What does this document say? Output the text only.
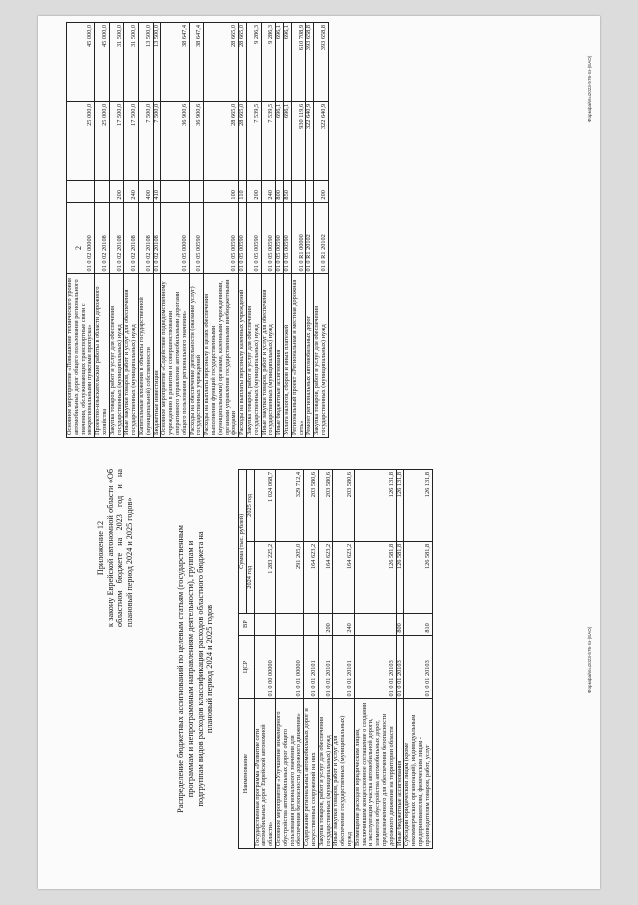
Приложение 12 к закону Еврейской автономной области «Об областном бюджете на 2023 год и на плановый период 2024 и 2025 годов»	Распределение бюджетных ассигнований по целевым статьям (государственным программам и непрограммным направлениям деятельности), группам и подгруппам видов расходов классификации расходов областного бюджета на плановый период 2024 и 2025 годов
Наименование	ЦСР	ВР	Сумма (тыс. рублей)	
			2024 год	2025 год
Государственная программа «Развитие сети автомобильных дорог Еврейской автономной области»	01 0 00 00000		1 283 225,2	1 024 068,7
Основное мероприятие «Улучшение инженерного обустройства автомобильных дорог общего пользования регионального значения для обеспечения безопасности дорожного движения»	01 0 01 00000		291 205,0	329 712,4
Содержание региональных автомобильных дорог и искусственных сооружений на них	01 0 01 20101		164 623,2	203 580,6
Закупка товаров, работ и услуг для обеспечения государственных (муниципальных) нужд	01 0 01 20101	200	164 623,2	203 580,6
Иные закупки товаров, работ и услуг для обеспечения государственных (муниципальных) нужд	01 0 01 20101	240	164 623,2	203 580,6
Возмещение расходов юридическим лицам, заключившим концессионное соглашение о создании и эксплуатации участка автомобильной дороги, элементов обустройства автомобильных дорог, предназначенного для обеспечения безопасности дорожного движения на территории области	01 0 01 20103		126 581,8	126 131,8
Иные бюджетные ассигнования	01 0 01 20103	800	126 581,8	126 131,8
Субсидии юридическим лицам (кроме некоммерческих организаций), индивидуальным предпринимателям, физическим лицам - производителям товаров, работ, услуг	01 0 01 20103	810	126 581,8	126 131,8
Формфайлы2023-576-пз-(ЕАО)
2
Основное мероприятие «Повышение технического уровня автомобильных дорог общего пользования регионального значения, обслуживающих транспортные связи с межрегиональными пунктами пропуска»	01 0 02 00000		25 000,0	45 000,0
Проектно-изыскательские работы в области дорожного хозяйства	01 0 02 20108		25 000,0	45 000,0
Закупка товаров, работ и услуг для обеспечения государственных (муниципальных) нужд	01 0 02 20108	200	17 500,0	31 500,0
Иные закупки товаров, работ и услуг для обеспечения государственных (муниципальных) нужд	01 0 02 20108	240	17 500,0	31 500,0
Капитальные вложения в объекты государственной (муниципальной) собственности	01 0 02 20108	400	7 500,0	13 500,0
Бюджетные инвестиции	01 0 02 20108	410	7 500,0	13 500,0
Основное мероприятие «Содействие подведомственному учреждению в развитии и совершенствовании оперативного управления автомобильными дорогами общего пользования регионального значения»	01 0 05 00000		36 900,6	38 647,4
Расходы на обеспечение деятельности (оказание услуг) государственных учреждений	01 0 05 00590		36 900,6	38 647,4
Расходы на выплаты персоналу в целях обеспечения выполнения функций государственными (муниципальными) органами, казенными учреждениями, органами управления государственными внебюджетными фондами	01 0 05 00590	100	28 665,0	28 665,0
Расходы на выплаты персоналу казенных учреждений	01 0 05 00590	110	28 665,0	28 665,0
Закупка товаров, работ и услуг для обеспечения государственных (муниципальных) нужд	01 0 05 00590	200	7 539,5	9 286,3
Иные закупки товаров, работ и услуг для обеспечения государственных (муниципальных) нужд	01 0 05 00590	240	7 539,5	9 286,3
Иные бюджетные ассигнования	01 0 05 00590	800	696,1	696,1
Уплата налогов, сборов и иных платежей	01 0 05 00590	850	696,1	696,1
Региональный проект «Региональная и местная дорожная сеть»	01 0 R1 00000		930 119,6	610 708,9
Ремонт региональных автомобильных дорог	01 0 R1 20102		322 640,9	393 658,8
Закупка товаров, работ и услуг для обеспечения государственных (муниципальных) нужд	01 0 R1 20102	200	322 640,9	393 658,8
Формфайлы2023-576-пз-(ЕАО)
